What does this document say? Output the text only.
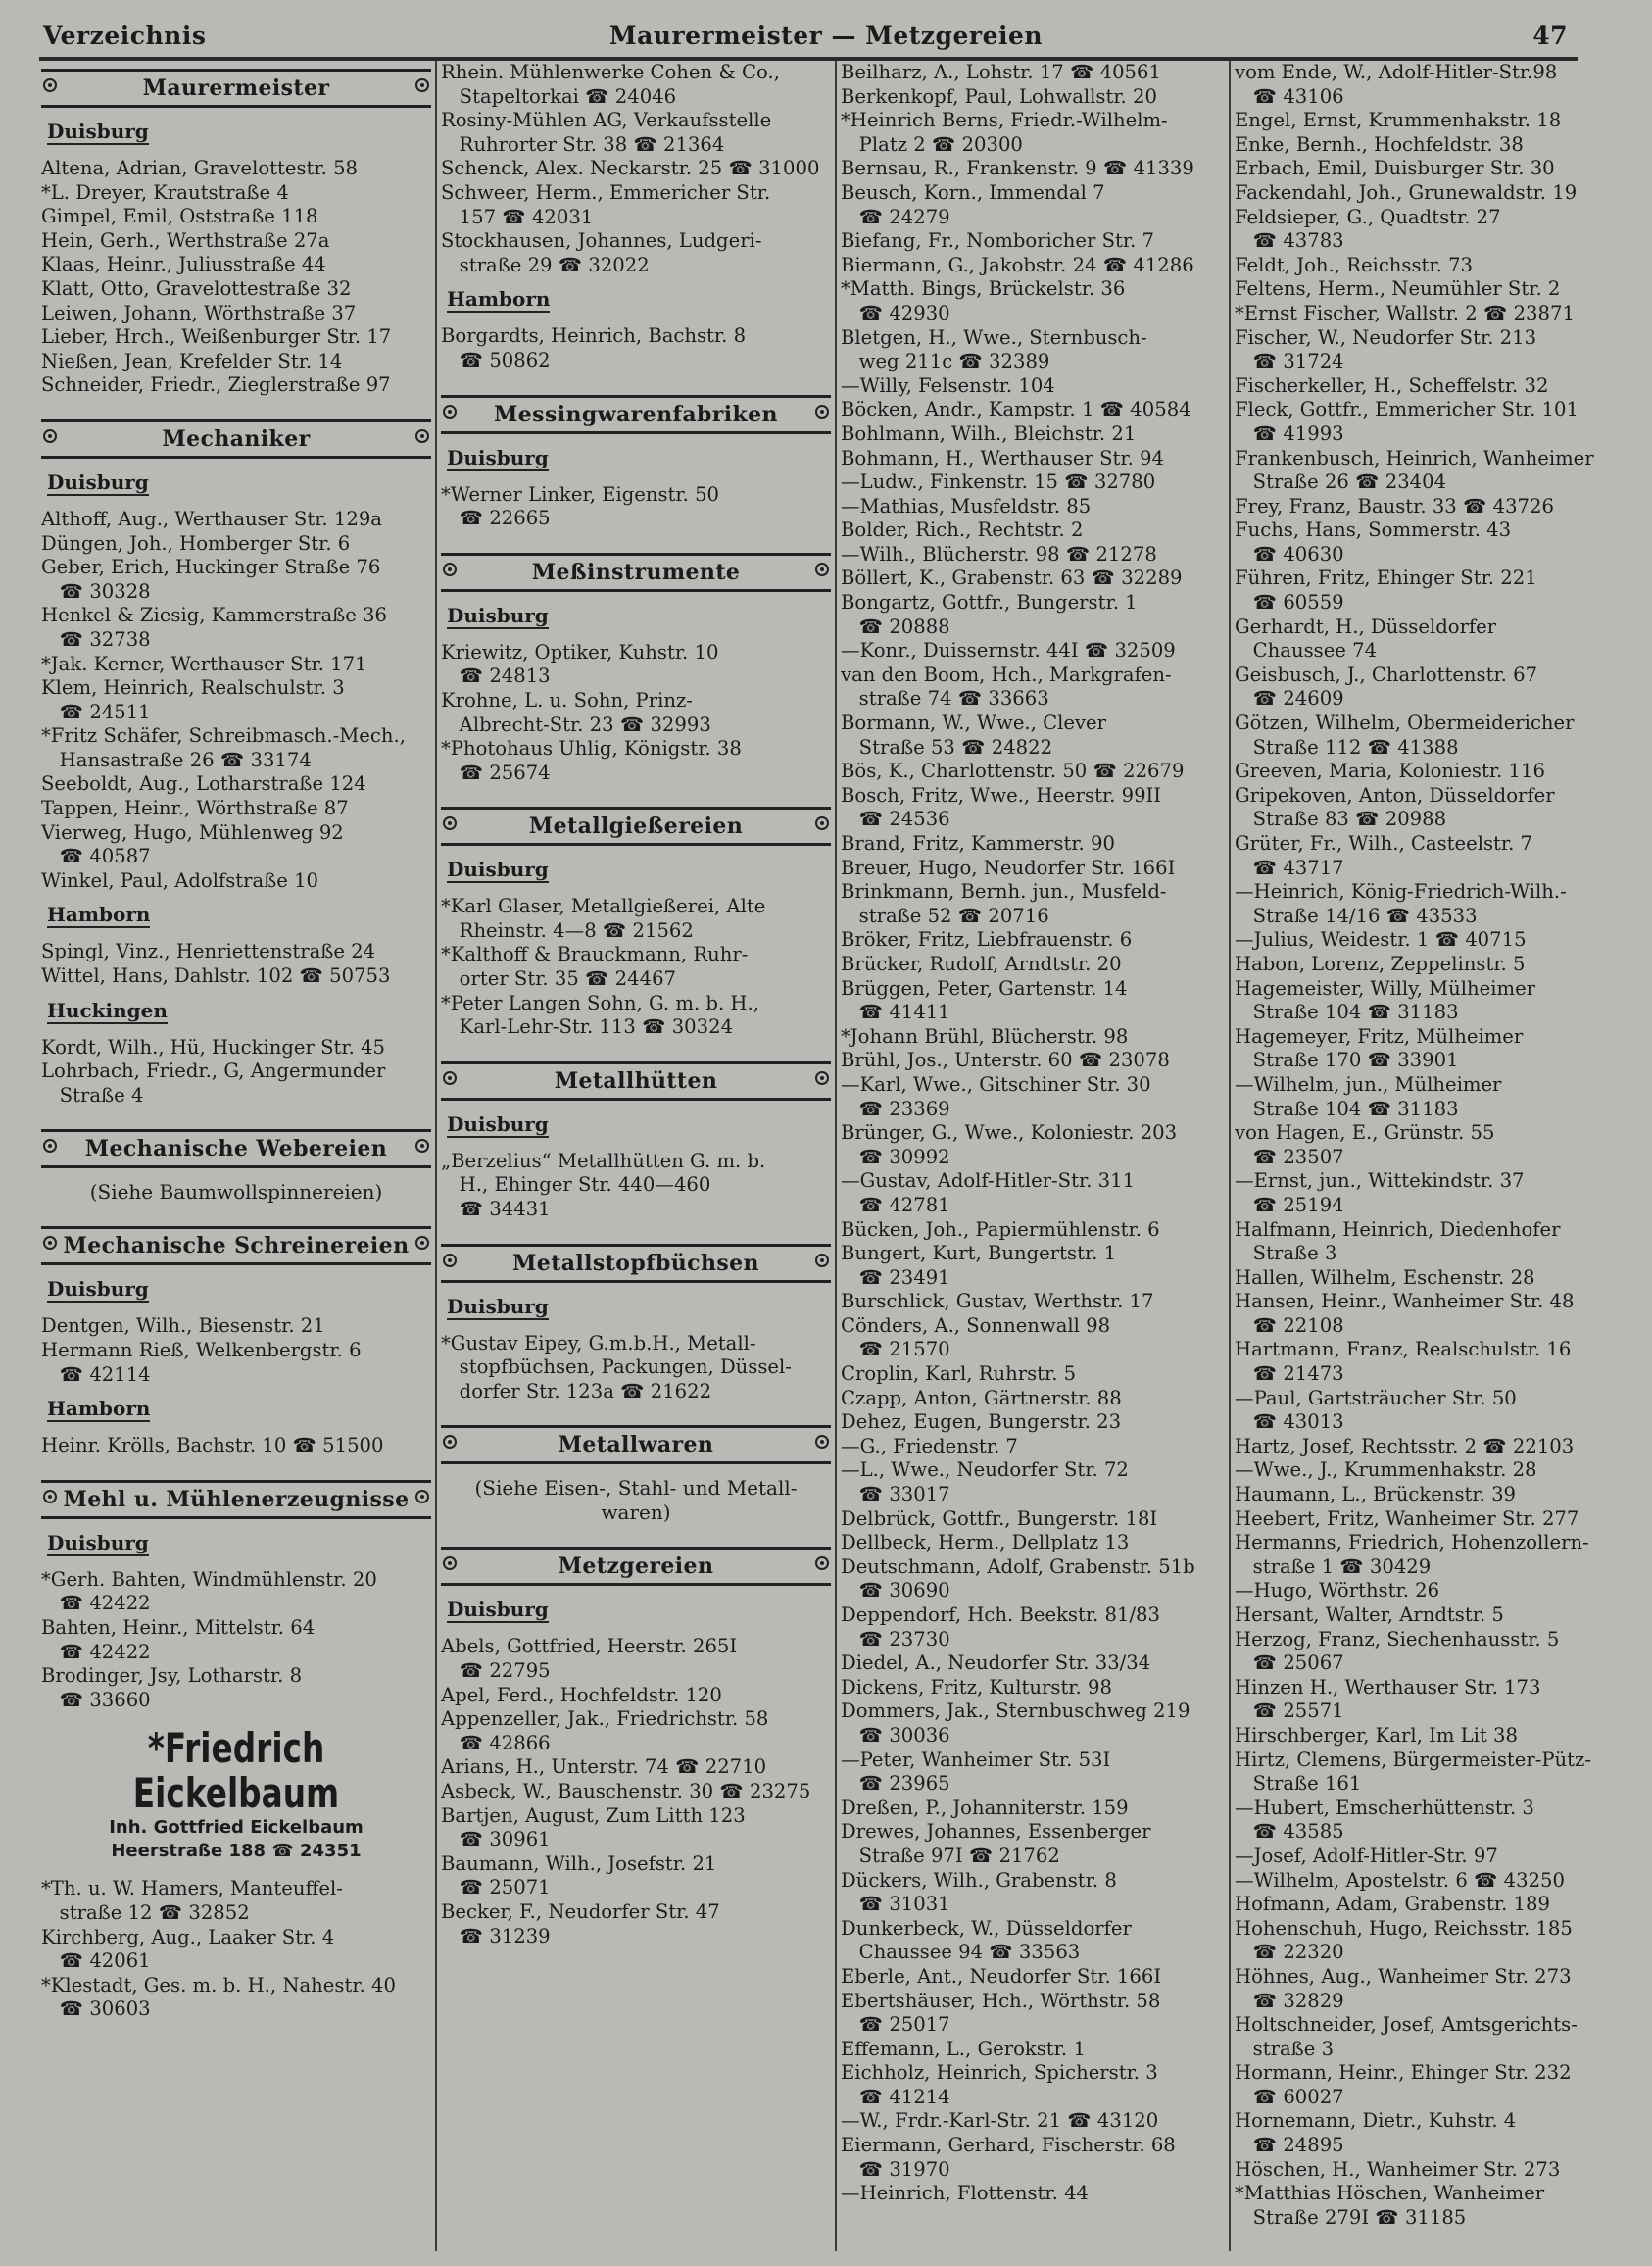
Verzeichnis	Maurermeister — Metzgereien	47
Maurermeister
Duisburg
Altena, Adrian, Gravelottestr. 58
*L. Dreyer, Krautstraße 4
Gimpel, Emil, Oststraße 118
Hein, Gerh., Werthstraße 27a
Klaas, Heinr., Juliusstraße 44
Klatt, Otto, Gravelottestraße 32
Leiwen, Johann, Wörthstraße 37
Lieber, Hrch., Weißenburger Str. 17
Nießen, Jean, Krefelder Str. 14
Schneider, Friedr., Zieglerstraße 97
Mechaniker
Duisburg
Althoff, Aug., Werthauser Str. 129a
Düngen, Joh., Homberger Str. 6
Geber, Erich, Huckinger Straße 76
☎ 30328
Henkel & Ziesig, Kammerstraße 36
☎ 32738
*Jak. Kerner, Werthauser Str. 171
Klem, Heinrich, Realschulstr. 3
☎ 24511
*Fritz Schäfer, Schreibmasch.-Mech.,
Hansastraße 26 ☎ 33174
Seeboldt, Aug., Lotharstraße 124
Tappen, Heinr., Wörthstraße 87
Vierweg, Hugo, Mühlenweg 92
☎ 40587
Winkel, Paul, Adolfstraße 10
Hamborn
Spingl, Vinz., Henriettenstraße 24
Wittel, Hans, Dahlstr. 102 ☎ 50753
Huckingen
Kordt, Wilh., Hü, Huckinger Str. 45
Lohrbach, Friedr., G, Angermunder
Straße 4
Mechanische Webereien
(Siehe Baumwollspinnereien)
Mechanische Schreinereien
Duisburg
Dentgen, Wilh., Biesenstr. 21
Hermann Rieß, Welkenbergstr. 6
☎ 42114
Hamborn
Heinr. Krölls, Bachstr. 10 ☎ 51500
Mehl u. Mühlenerzeugnisse
Duisburg
*Gerh. Bahten, Windmühlenstr. 20
☎ 42422
Bahten, Heinr., Mittelstr. 64
☎ 42422
Brodinger, Jsy, Lotharstr. 8
☎ 33660
*Friedrich Eickelbaum
Inh. Gottfried Eickelbaum
Heerstraße 188 ☎ 24351
*Th. u. W. Hamers, Manteuffel-
straße 12 ☎ 32852
Kirchberg, Aug., Laaker Str. 4
☎ 42061
*Klestadt, Ges. m. b. H., Nahestr. 40
☎ 30603
Rhein. Mühlenwerke Cohen & Co.,
Stapeltorkai ☎ 24046
Rosiny-Mühlen AG, Verkaufsstelle
Ruhrorter Str. 38 ☎ 21364
Schenck, Alex. Neckarstr. 25 ☎ 31000
Schweer, Herm., Emmericher Str.
157 ☎ 42031
Stockhausen, Johannes, Ludgeri-
straße 29 ☎ 32022
Hamborn
Borgardts, Heinrich, Bachstr. 8
☎ 50862
Messingwarenfabriken
Duisburg
*Werner Linker, Eigenstr. 50
☎ 22665
Meßinstrumente
Duisburg
Kriewitz, Optiker, Kuhstr. 10
☎ 24813
Krohne, L. u. Sohn, Prinz-
Albrecht-Str. 23 ☎ 32993
*Photohaus Uhlig, Königstr. 38
☎ 25674
Metallgießereien
Duisburg
*Karl Glaser, Metallgießerei, Alte
Rheinstr. 4—8 ☎ 21562
*Kalthoff & Brauckmann, Ruhr-
orter Str. 35 ☎ 24467
*Peter Langen Sohn, G. m. b. H.,
Karl-Lehr-Str. 113 ☎ 30324
Metallhütten
Duisburg
„Berzelius“ Metallhütten G. m. b.
H., Ehinger Str. 440—460
☎ 34431
Metallstopfbüchsen
Duisburg
*Gustav Eipey, G.m.b.H., Metall-
stopfbüchsen, Packungen, Düssel-
dorfer Str. 123a ☎ 21622
Metallwaren
(Siehe Eisen-, Stahl- und Metall-
waren)
Metzgereien
Duisburg
Abels, Gottfried, Heerstr. 265I
☎ 22795
Apel, Ferd., Hochfeldstr. 120
Appenzeller, Jak., Friedrichstr. 58
☎ 42866
Arians, H., Unterstr. 74 ☎ 22710
Asbeck, W., Bauschenstr. 30 ☎ 23275
Bartjen, August, Zum Litth 123
☎ 30961
Baumann, Wilh., Josefstr. 21
☎ 25071
Becker, F., Neudorfer Str. 47
☎ 31239
Beilharz, A., Lohstr. 17 ☎ 40561
Berkenkopf, Paul, Lohwallstr. 20
*Heinrich Berns, Friedr.-Wilhelm-
Platz 2 ☎ 20300
Bernsau, R., Frankenstr. 9 ☎ 41339
Beusch, Korn., Immendal 7
☎ 24279
Biefang, Fr., Nomboricher Str. 7
Biermann, G., Jakobstr. 24 ☎ 41286
*Matth. Bings, Brückelstr. 36
☎ 42930
Bletgen, H., Wwe., Sternbusch-
weg 211c ☎ 32389
—Willy, Felsenstr. 104
Böcken, Andr., Kampstr. 1 ☎ 40584
Bohlmann, Wilh., Bleichstr. 21
Bohmann, H., Werthauser Str. 94
—Ludw., Finkenstr. 15 ☎ 32780
—Mathias, Musfeldstr. 85
Bolder, Rich., Rechtstr. 2
—Wilh., Blücherstr. 98 ☎ 21278
Böllert, K., Grabenstr. 63 ☎ 32289
Bongartz, Gottfr., Bungerstr. 1
☎ 20888
—Konr., Duissernstr. 44I ☎ 32509
van den Boom, Hch., Markgrafen-
straße 74 ☎ 33663
Bormann, W., Wwe., Clever
Straße 53 ☎ 24822
Bös, K., Charlottenstr. 50 ☎ 22679
Bosch, Fritz, Wwe., Heerstr. 99II
☎ 24536
Brand, Fritz, Kammerstr. 90
Breuer, Hugo, Neudorfer Str. 166I
Brinkmann, Bernh. jun., Musfeld-
straße 52 ☎ 20716
Bröker, Fritz, Liebfrauenstr. 6
Brücker, Rudolf, Arndtstr. 20
Brüggen, Peter, Gartenstr. 14
☎ 41411
*Johann Brühl, Blücherstr. 98
Brühl, Jos., Unterstr. 60 ☎ 23078
—Karl, Wwe., Gitschiner Str. 30
☎ 23369
Brünger, G., Wwe., Koloniestr. 203
☎ 30992
—Gustav, Adolf-Hitler-Str. 311
☎ 42781
Bücken, Joh., Papiermühlenstr. 6
Bungert, Kurt, Bungertstr. 1
☎ 23491
Burschlick, Gustav, Werthstr. 17
Cönders, A., Sonnenwall 98
☎ 21570
Croplin, Karl, Ruhrstr. 5
Czapp, Anton, Gärtnerstr. 88
Dehez, Eugen, Bungerstr. 23
—G., Friedenstr. 7
—L., Wwe., Neudorfer Str. 72
☎ 33017
Delbrück, Gottfr., Bungerstr. 18I
Dellbeck, Herm., Dellplatz 13
Deutschmann, Adolf, Grabenstr. 51b
☎ 30690
Deppendorf, Hch. Beekstr. 81/83
☎ 23730
Diedel, A., Neudorfer Str. 33/34
Dickens, Fritz, Kulturstr. 98
Dommers, Jak., Sternbuschweg 219
☎ 30036
—Peter, Wanheimer Str. 53I
☎ 23965
Dreßen, P., Johanniterstr. 159
Drewes, Johannes, Essenberger
Straße 97I ☎ 21762
Dückers, Wilh., Grabenstr. 8
☎ 31031
Dunkerbeck, W., Düsseldorfer
Chaussee 94 ☎ 33563
Eberle, Ant., Neudorfer Str. 166I
Ebertshäuser, Hch., Wörthstr. 58
☎ 25017
Effemann, L., Gerokstr. 1
Eichholz, Heinrich, Spicherstr. 3
☎ 41214
—W., Frdr.-Karl-Str. 21 ☎ 43120
Eiermann, Gerhard, Fischerstr. 68
☎ 31970
—Heinrich, Flottenstr. 44
vom Ende, W., Adolf-Hitler-Str.98
☎ 43106
Engel, Ernst, Krummenhakstr. 18
Enke, Bernh., Hochfeldstr. 38
Erbach, Emil, Duisburger Str. 30
Fackendahl, Joh., Grunewaldstr. 19
Feldsieper, G., Quadtstr. 27
☎ 43783
Feldt, Joh., Reichsstr. 73
Feltens, Herm., Neumühler Str. 2
*Ernst Fischer, Wallstr. 2 ☎ 23871
Fischer, W., Neudorfer Str. 213
☎ 31724
Fischerkeller, H., Scheffelstr. 32
Fleck, Gottfr., Emmericher Str. 101
☎ 41993
Frankenbusch, Heinrich, Wanheimer
Straße 26 ☎ 23404
Frey, Franz, Baustr. 33 ☎ 43726
Fuchs, Hans, Sommerstr. 43
☎ 40630
Führen, Fritz, Ehinger Str. 221
☎ 60559
Gerhardt, H., Düsseldorfer
Chaussee 74
Geisbusch, J., Charlottenstr. 67
☎ 24609
Götzen, Wilhelm, Obermeidericher
Straße 112 ☎ 41388
Greeven, Maria, Koloniestr. 116
Gripekoven, Anton, Düsseldorfer
Straße 83 ☎ 20988
Grüter, Fr., Wilh., Casteelstr. 7
☎ 43717
—Heinrich, König-Friedrich-Wilh.-
Straße 14/16 ☎ 43533
—Julius, Weidestr. 1 ☎ 40715
Habon, Lorenz, Zeppelinstr. 5
Hagemeister, Willy, Mülheimer
Straße 104 ☎ 31183
Hagemeyer, Fritz, Mülheimer
Straße 170 ☎ 33901
—Wilhelm, jun., Mülheimer
Straße 104 ☎ 31183
von Hagen, E., Grünstr. 55
☎ 23507
—Ernst, jun., Wittekindstr. 37
☎ 25194
Halfmann, Heinrich, Diedenhofer
Straße 3
Hallen, Wilhelm, Eschenstr. 28
Hansen, Heinr., Wanheimer Str. 48
☎ 22108
Hartmann, Franz, Realschulstr. 16
☎ 21473
—Paul, Gartsträucher Str. 50
☎ 43013
Hartz, Josef, Rechtsstr. 2 ☎ 22103
—Wwe., J., Krummenhakstr. 28
Haumann, L., Brückenstr. 39
Heebert, Fritz, Wanheimer Str. 277
Hermanns, Friedrich, Hohenzollern-
straße 1 ☎ 30429
—Hugo, Wörthstr. 26
Hersant, Walter, Arndtstr. 5
Herzog, Franz, Siechenhausstr. 5
☎ 25067
Hinzen H., Werthauser Str. 173
☎ 25571
Hirschberger, Karl, Im Lit 38
Hirtz, Clemens, Bürgermeister-Pütz-
Straße 161
—Hubert, Emscherhüttenstr. 3
☎ 43585
—Josef, Adolf-Hitler-Str. 97
—Wilhelm, Apostelstr. 6 ☎ 43250
Hofmann, Adam, Grabenstr. 189
Hohenschuh, Hugo, Reichsstr. 185
☎ 22320
Höhnes, Aug., Wanheimer Str. 273
☎ 32829
Holtschneider, Josef, Amtsgerichts-
straße 3
Hormann, Heinr., Ehinger Str. 232
☎ 60027
Hornemann, Dietr., Kuhstr. 4
☎ 24895
Höschen, H., Wanheimer Str. 273
*Matthias Höschen, Wanheimer
Straße 279I ☎ 31185
